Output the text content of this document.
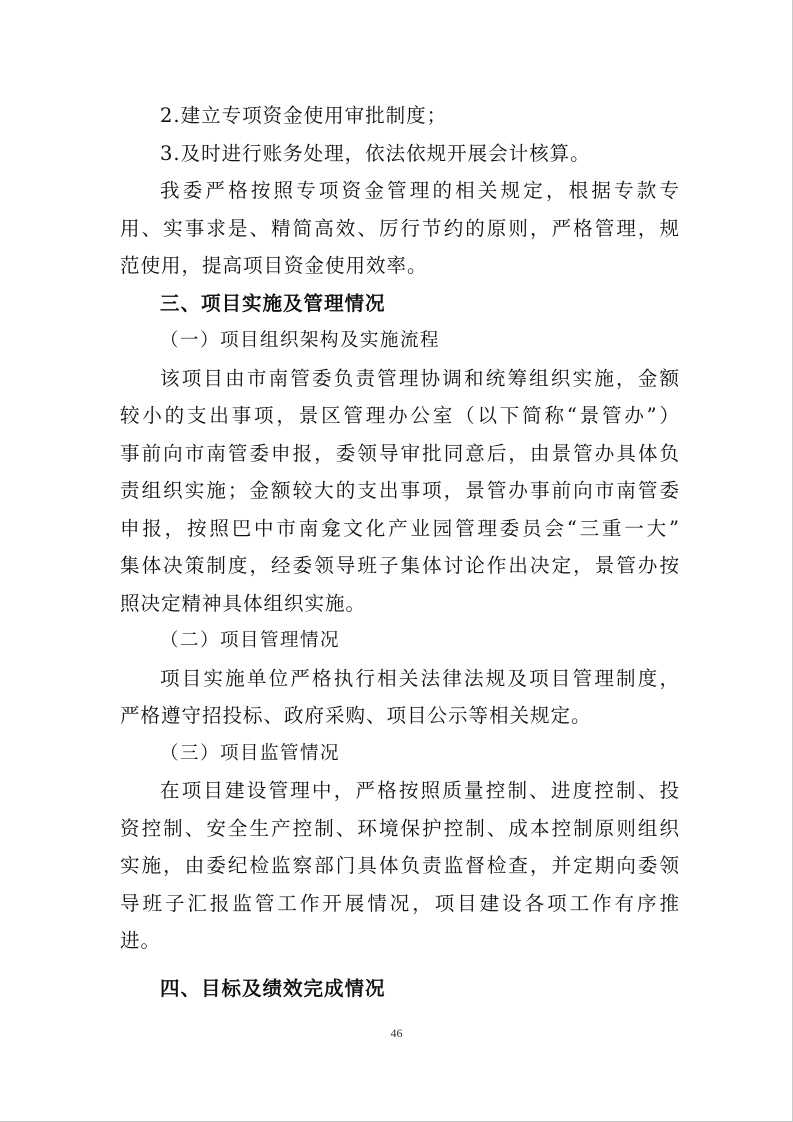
2.建立专项资金使用审批制度；
3.及时进行账务处理，依法依规开展会计核算。
我委严格按照专项资金管理的相关规定，根据专款专
用、实事求是、精简高效、厉行节约的原则，严格管理，规
范使用，提高项目资金使用效率。
三、项目实施及管理情况
（一）项目组织架构及实施流程
该项目由市南管委负责管理协调和统筹组织实施，金额
较小的支出事项，景区管理办公室（以下简称“景管办”）
事前向市南管委申报，委领导审批同意后，由景管办具体负
责组织实施；金额较大的支出事项，景管办事前向市南管委
申报，按照巴中市南龛文化产业园管理委员会“三重一大”
集体决策制度，经委领导班子集体讨论作出决定，景管办按
照决定精神具体组织实施。
（二）项目管理情况
项目实施单位严格执行相关法律法规及项目管理制度，
严格遵守招投标、政府采购、项目公示等相关规定。
（三）项目监管情况
在项目建设管理中，严格按照质量控制、进度控制、投
资控制、安全生产控制、环境保护控制、成本控制原则组织
实施，由委纪检监察部门具体负责监督检查，并定期向委领
导班子汇报监管工作开展情况，项目建设各项工作有序推
进。
四、目标及绩效完成情况
46
